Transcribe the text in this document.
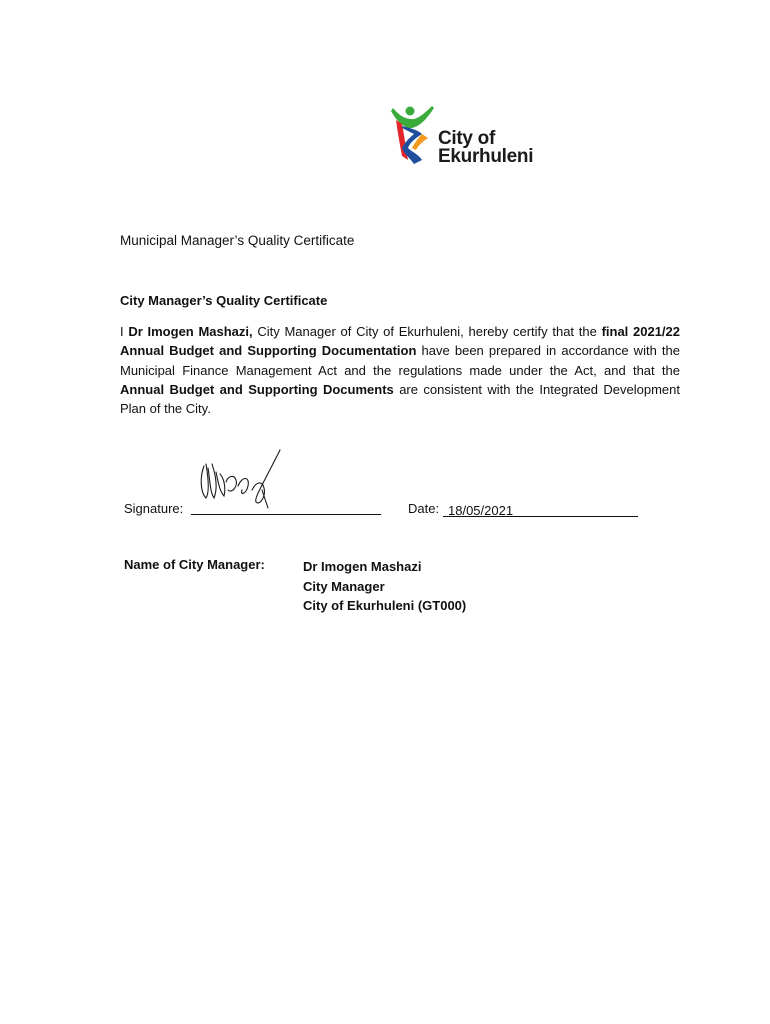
City of
Ekurhuleni
Municipal Manager’s Quality Certificate
City Manager’s Quality Certificate
I Dr Imogen Mashazi, City Manager of City of Ekurhuleni, hereby certify that the final 2021/22 Annual Budget and Supporting Documentation have been prepared in accordance with the Municipal Finance Management Act and the regulations made under the Act, and that the Annual Budget and Supporting Documents are consistent with the Integrated Development Plan of the City.
Signature:	Date: 18/05/2021
Name of City Manager:	Dr Imogen Mashazi
City Manager
City of Ekurhuleni (GT000)
